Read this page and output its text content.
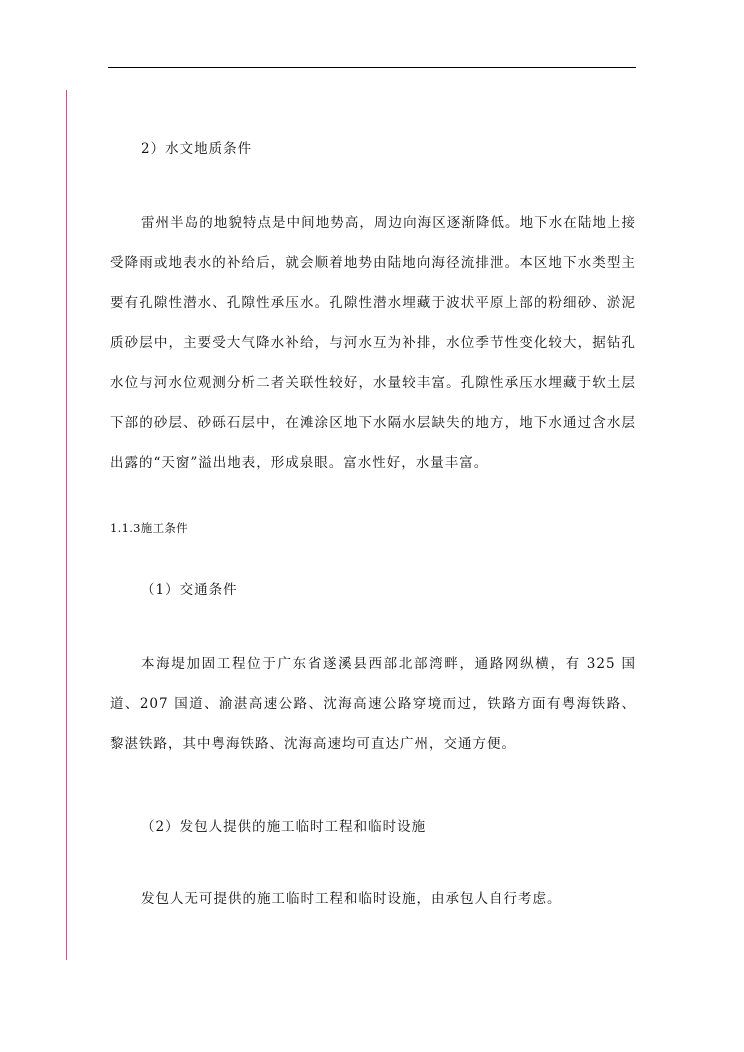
2）水文地质条件
雷州半岛的地貌特点是中间地势高，周边向海区逐渐降低。地下水在陆地上接受降雨或地表水的补给后，就会顺着地势由陆地向海径流排泄。本区地下水类型主要有孔隙性潜水、孔隙性承压水。孔隙性潜水埋藏于波状平原上部的粉细砂、淤泥质砂层中，主要受大气降水补给，与河水互为补排，水位季节性变化较大，据钻孔水位与河水位观测分析二者关联性较好，水量较丰富。孔隙性承压水埋藏于软土层下部的砂层、砂砾石层中，在滩涂区地下水隔水层缺失的地方，地下水通过含水层出露的“天窗”溢出地表，形成泉眼。富水性好，水量丰富。
1.1.3施工条件
（1）交通条件
本海堤加固工程位于广东省遂溪县西部北部湾畔，通路网纵横，有 325 国道、207 国道、渝湛高速公路、沈海高速公路穿境而过，铁路方面有粤海铁路、黎湛铁路，其中粤海铁路、沈海高速均可直达广州，交通方便。
（2）发包人提供的施工临时工程和临时设施
发包人无可提供的施工临时工程和临时设施，由承包人自行考虑。
